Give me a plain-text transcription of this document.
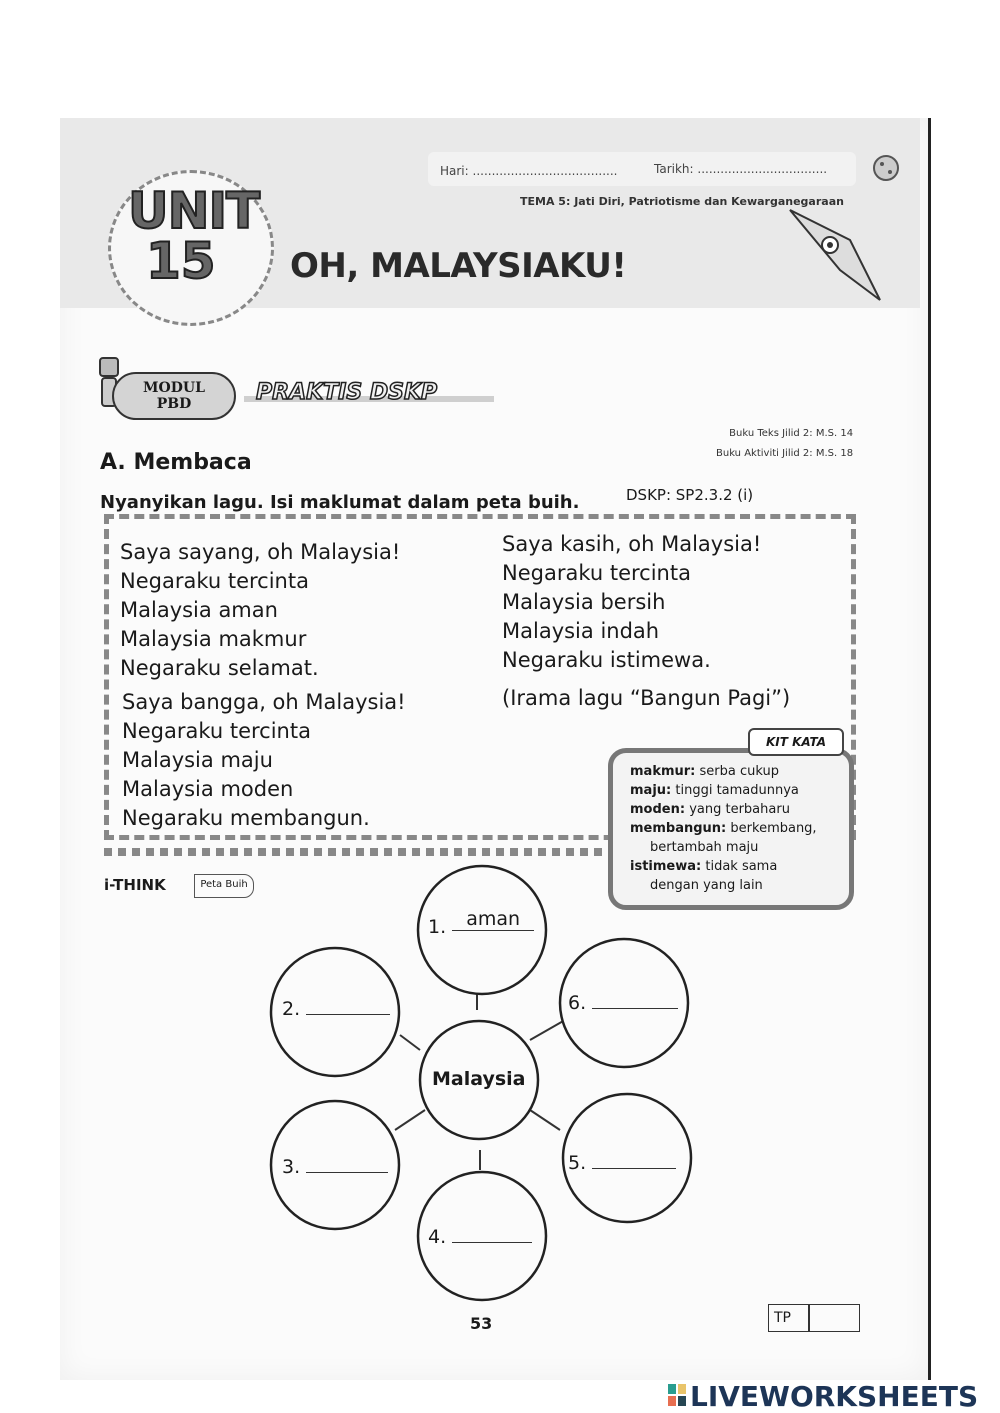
Hari: ......................................	Tarikh: ..................................
TEMA 5: Jati Diri, Patriotisme dan Kewarganegaraan
UNIT
15 OH, MALAYSIAKU!
MODUL
PBD	PRAKTIS DSKP
A. Membaca
Buku Teks Jilid 2: M.S. 14
Buku Aktiviti Jilid 2: M.S. 18
Nyanyikan lagu. Isi maklumat dalam peta buih.	DSKP: SP2.3.2 (i)
Saya sayang, oh Malaysia!
Negaraku tercinta
Malaysia aman
Malaysia makmur
Negaraku selamat.
Saya bangga, oh Malaysia!
Negaraku tercinta
Malaysia maju
Malaysia moden
Negaraku membangun.
Saya kasih, oh Malaysia!
Negaraku tercinta
Malaysia bersih
Malaysia indah
Negaraku istimewa.
(Irama lagu “Bangun Pagi”)
KIT KATA
makmur: serba cukup
maju: tinggi tamadunnya
moden: yang terbaharu
membangun: berkembang,
bertambah maju
istimewa: tidak sama
dengan yang lain
i-THINK	Peta Buih
Malaysia
1. aman
2.
3.
4.
5.
6.
53	TP
LIVEWORKSHEETS
